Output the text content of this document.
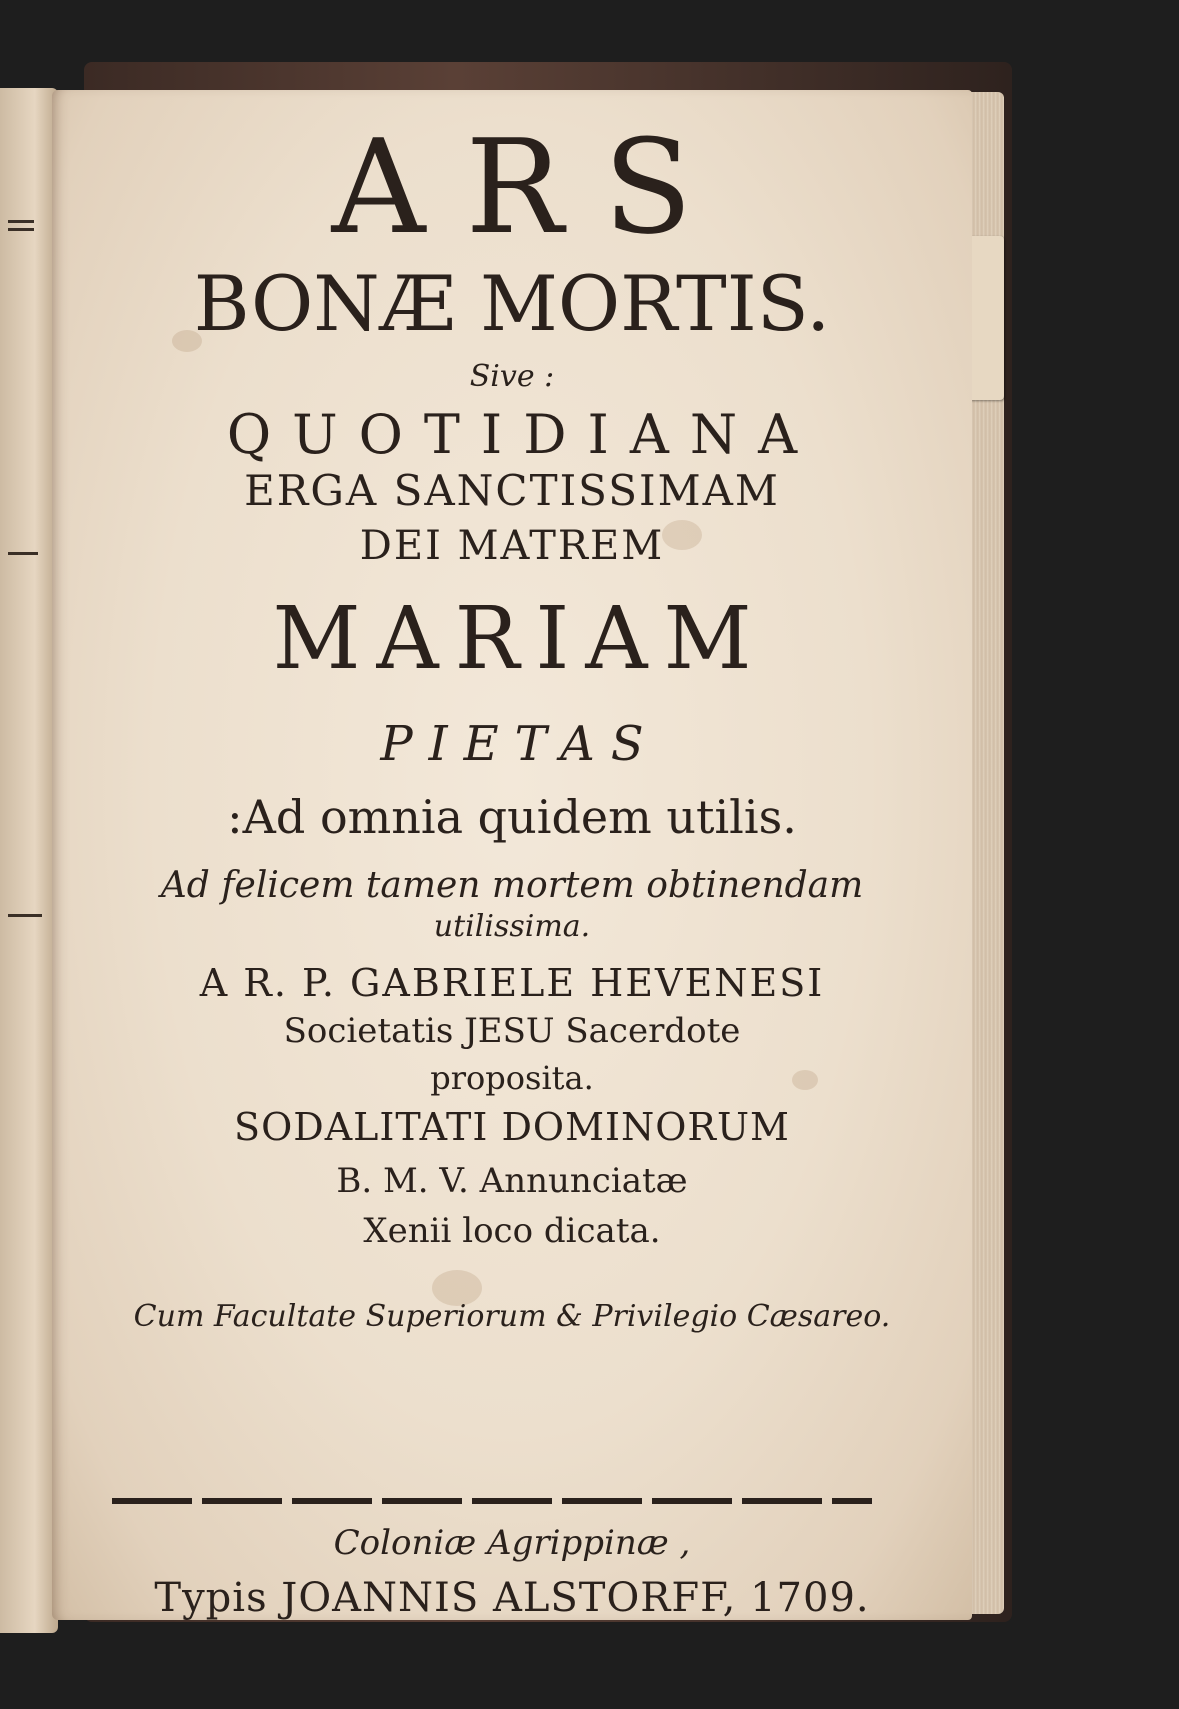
ARS
BONÆ MORTIS.
Sive :
QUOTIDIANA
ERGA SANCTISSIMAM
DEI MATREM
MARIAM
PIETAS
:Ad omnia quidem utilis.
Ad felicem tamen mortem obtinendam
utilissima.
A R. P. GABRIELE HEVENESI
Societatis JESU Sacerdote
proposita.
SODALITATI DOMINORUM
B. M. V. Annunciatæ
Xenii loco dicata.
Cum Facultate Superiorum & Privilegio Cæsareo.
Coloniæ Agrippinæ ,
Typis JOANNIS ALSTORFF, 1709.
